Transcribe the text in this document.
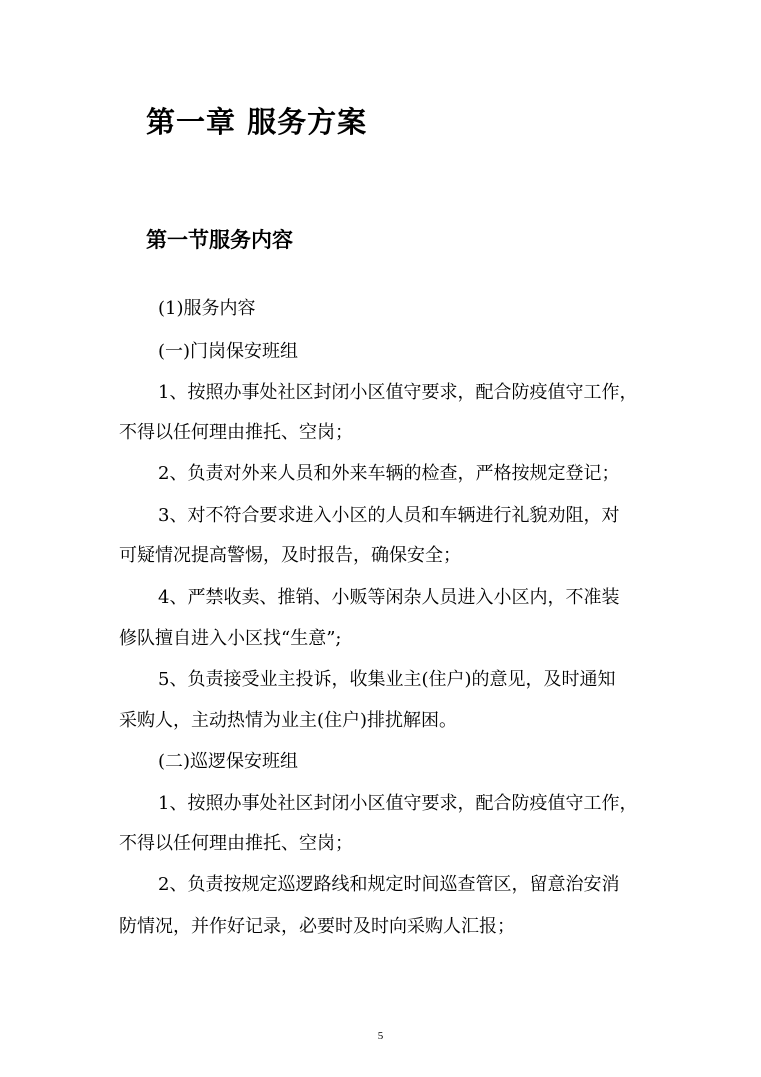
第一章 服务方案
第一节服务内容
(1)服务内容
(一)门岗保安班组
1、按照办事处社区封闭小区值守要求，配合防疫值守工作，
不得以任何理由推托、空岗；
2、负责对外来人员和外来车辆的检查，严格按规定登记；
3、对不符合要求进入小区的人员和车辆进行礼貌劝阻，对
可疑情况提高警惕，及时报告，确保安全；
4、严禁收卖、推销、小贩等闲杂人员进入小区内，不准装
修队擅自进入小区找“生意”;
5、负责接受业主投诉，收集业主(住户)的意见，及时通知
采购人，主动热情为业主(住户)排扰解困。
(二)巡逻保安班组
1、按照办事处社区封闭小区值守要求，配合防疫值守工作，
不得以任何理由推托、空岗；
2、负责按规定巡逻路线和规定时间巡查管区，留意治安消
防情况，并作好记录，必要时及时向采购人汇报；
5
